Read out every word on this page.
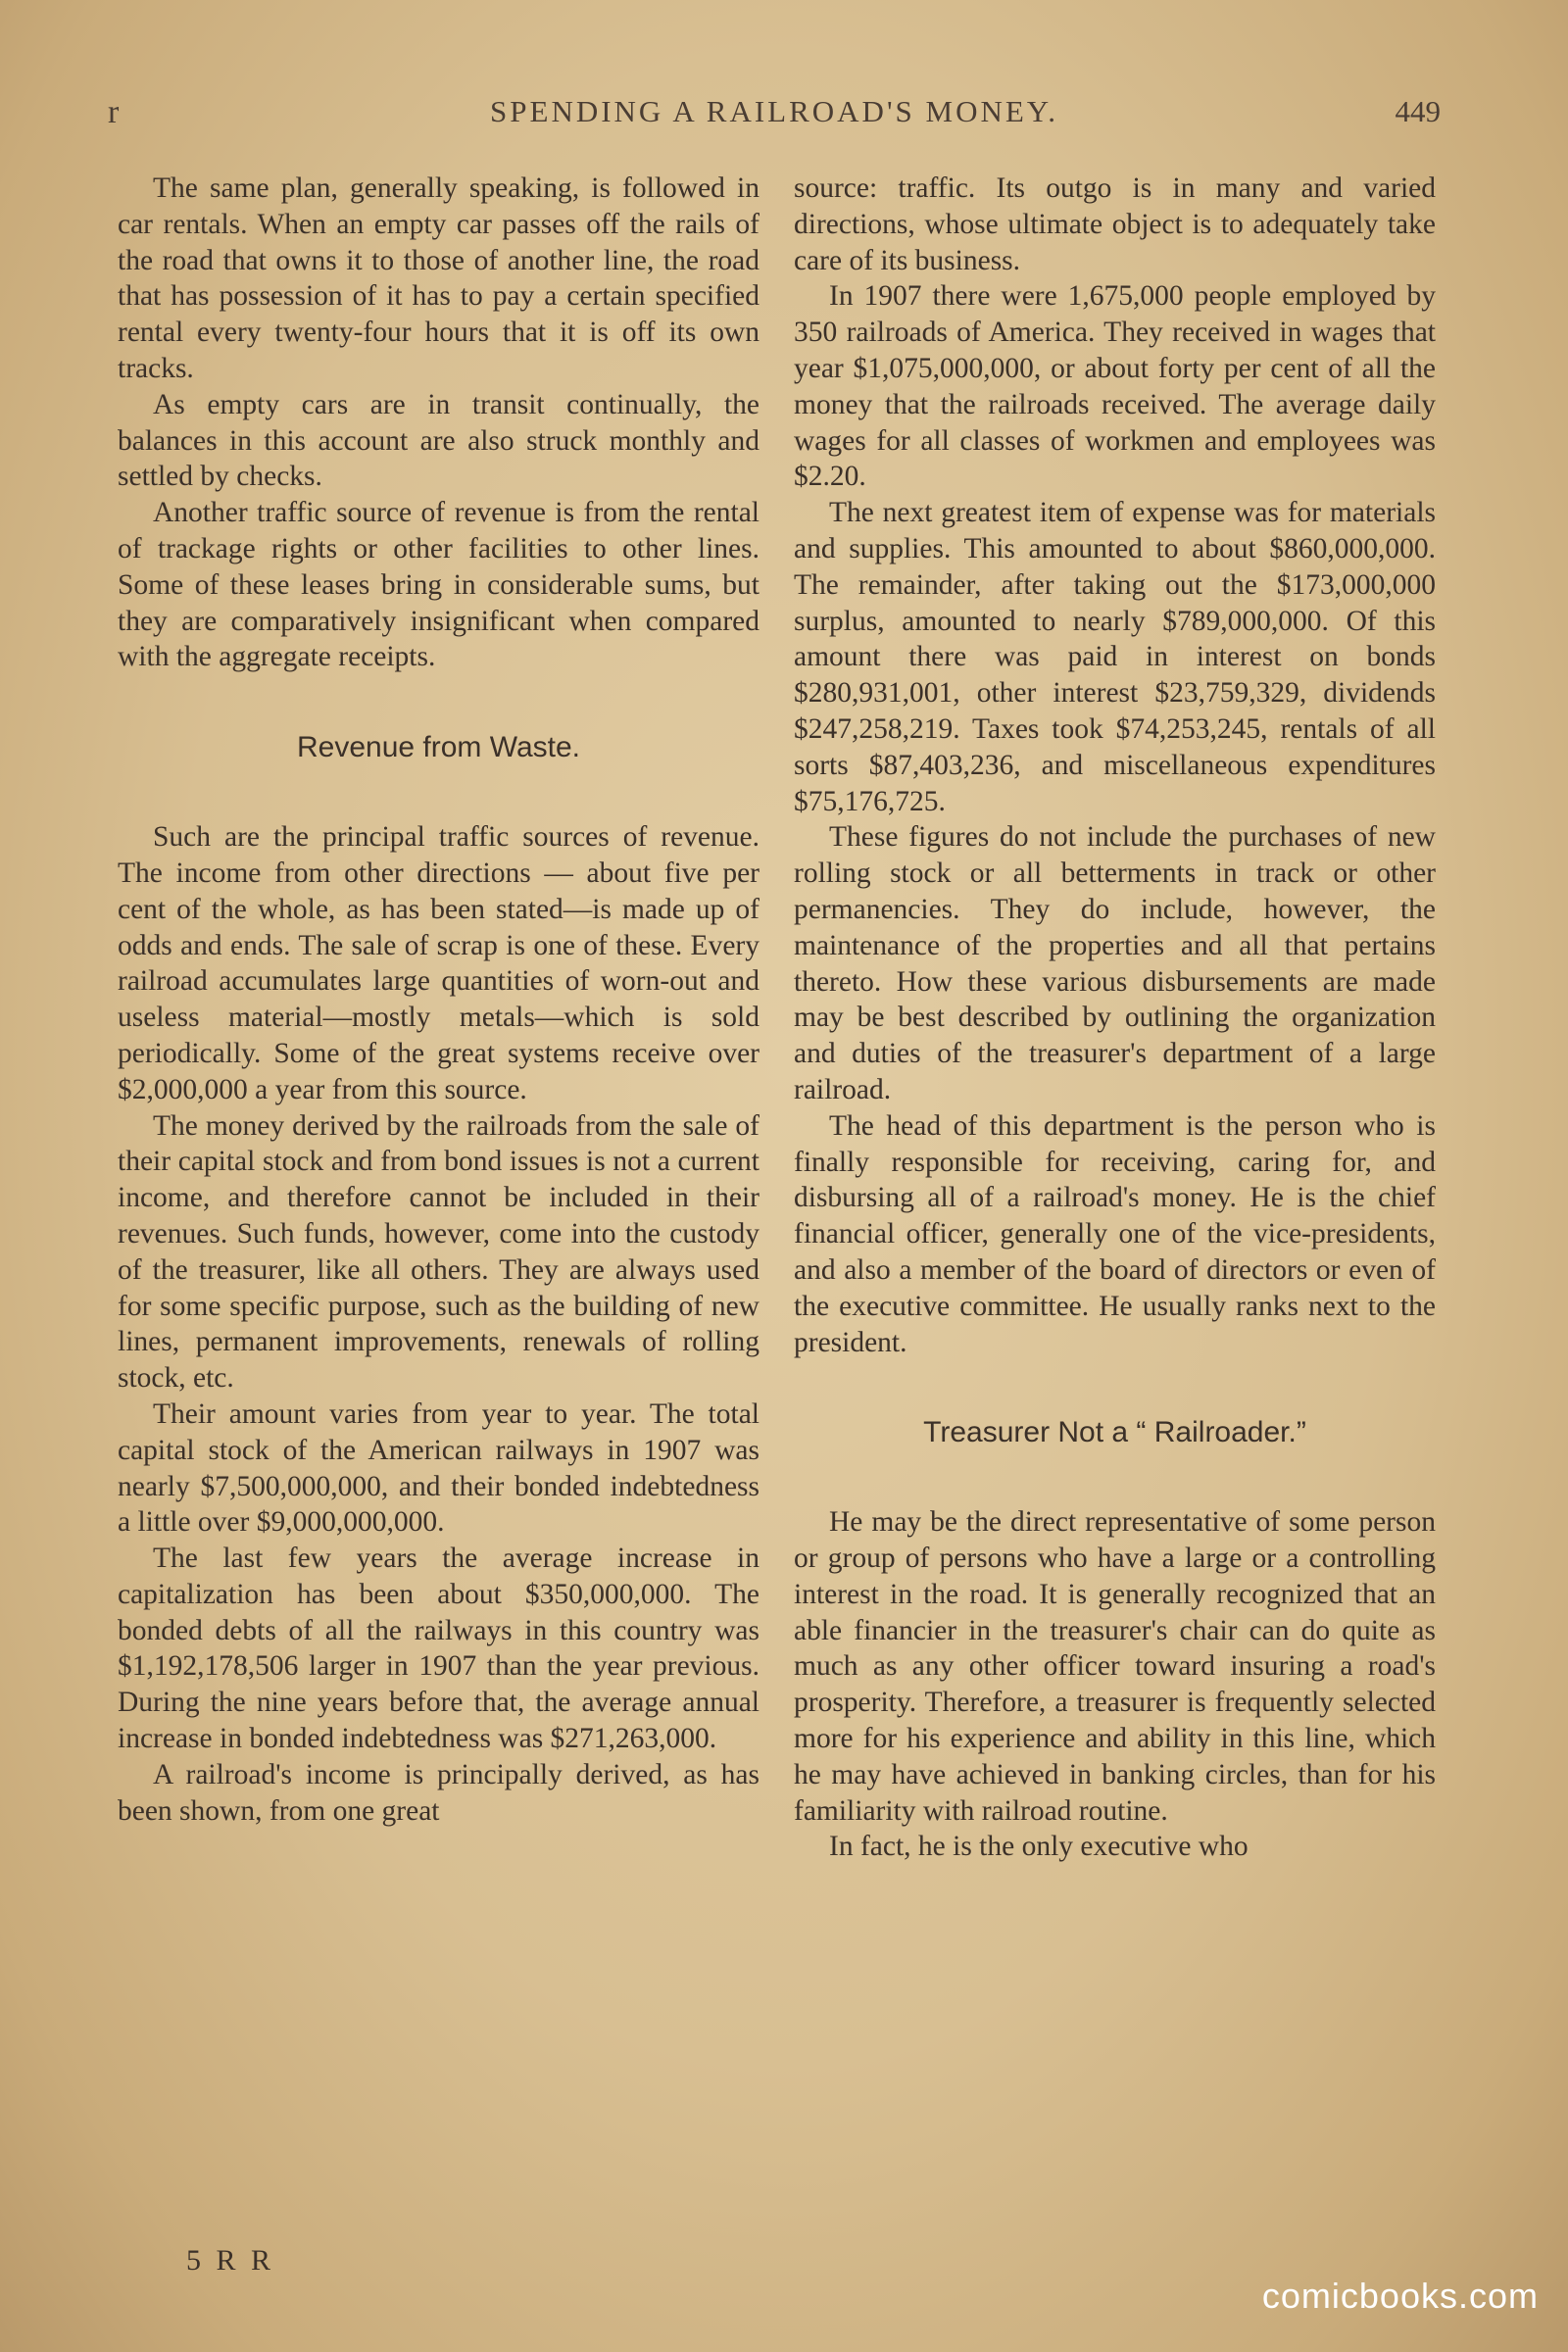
r	SPENDING A RAILROAD'S MONEY.	449

The same plan, generally speaking, is followed in car rentals. When an empty car passes off the rails of the road that owns it to those of another line, the road that has possession of it has to pay a certain specified rental every twenty-four hours that it is off its own tracks.

As empty cars are in transit continually, the balances in this account are also struck monthly and settled by checks.

Another traffic source of revenue is from the rental of trackage rights or other facilities to other lines. Some of these leases bring in considerable sums, but they are comparatively insignificant when compared with the aggregate receipts.

Revenue from Waste.

Such are the principal traffic sources of revenue. The income from other directions — about five per cent of the whole, as has been stated—is made up of odds and ends. The sale of scrap is one of these. Every railroad accumulates large quantities of worn-out and useless material—mostly metals—which is sold periodically. Some of the great systems receive over $2,000,000 a year from this source.

The money derived by the railroads from the sale of their capital stock and from bond issues is not a current income, and therefore cannot be included in their revenues. Such funds, however, come into the custody of the treasurer, like all others. They are always used for some specific purpose, such as the building of new lines, permanent improvements, renewals of rolling stock, etc.

Their amount varies from year to year. The total capital stock of the American railways in 1907 was nearly $7,500,000,000, and their bonded indebtedness a little over $9,000,000,000.

The last few years the average increase in capitalization has been about $350,000,000. The bonded debts of all the railways in this country was $1,192,178,506 larger in 1907 than the year previous. During the nine years before that, the average annual increase in bonded indebtedness was $271,263,000.

A railroad's income is principally derived, as has been shown, from one great

source: traffic. Its outgo is in many and varied directions, whose ultimate object is to adequately take care of its business.

In 1907 there were 1,675,000 people employed by 350 railroads of America. They received in wages that year $1,075,000,000, or about forty per cent of all the money that the railroads received. The average daily wages for all classes of workmen and employees was $2.20.

The next greatest item of expense was for materials and supplies. This amounted to about $860,000,000. The remainder, after taking out the $173,000,000 surplus, amounted to nearly $789,000,000. Of this amount there was paid in interest on bonds $280,931,001, other interest $23,759,329, dividends $247,258,219. Taxes took $74,253,245, rentals of all sorts $87,403,236, and miscellaneous expenditures $75,176,725.

These figures do not include the purchases of new rolling stock or all betterments in track or other permanencies. They do include, however, the maintenance of the properties and all that pertains thereto. How these various disbursements are made may be best described by outlining the organization and duties of the treasurer's department of a large railroad.

The head of this department is the person who is finally responsible for receiving, caring for, and disbursing all of a railroad's money. He is the chief financial officer, generally one of the vice-presidents, and also a member of the board of directors or even of the executive committee. He usually ranks next to the president.

Treasurer Not a “ Railroader.”

He may be the direct representative of some person or group of persons who have a large or a controlling interest in the road. It is generally recognized that an able financier in the treasurer's chair can do quite as much as any other officer toward insuring a road's prosperity. Therefore, a treasurer is frequently selected more for his experience and ability in this line, which he may have achieved in banking circles, than for his familiarity with railroad routine.

In fact, he is the only executive who

5 R R
comicbooks.com
